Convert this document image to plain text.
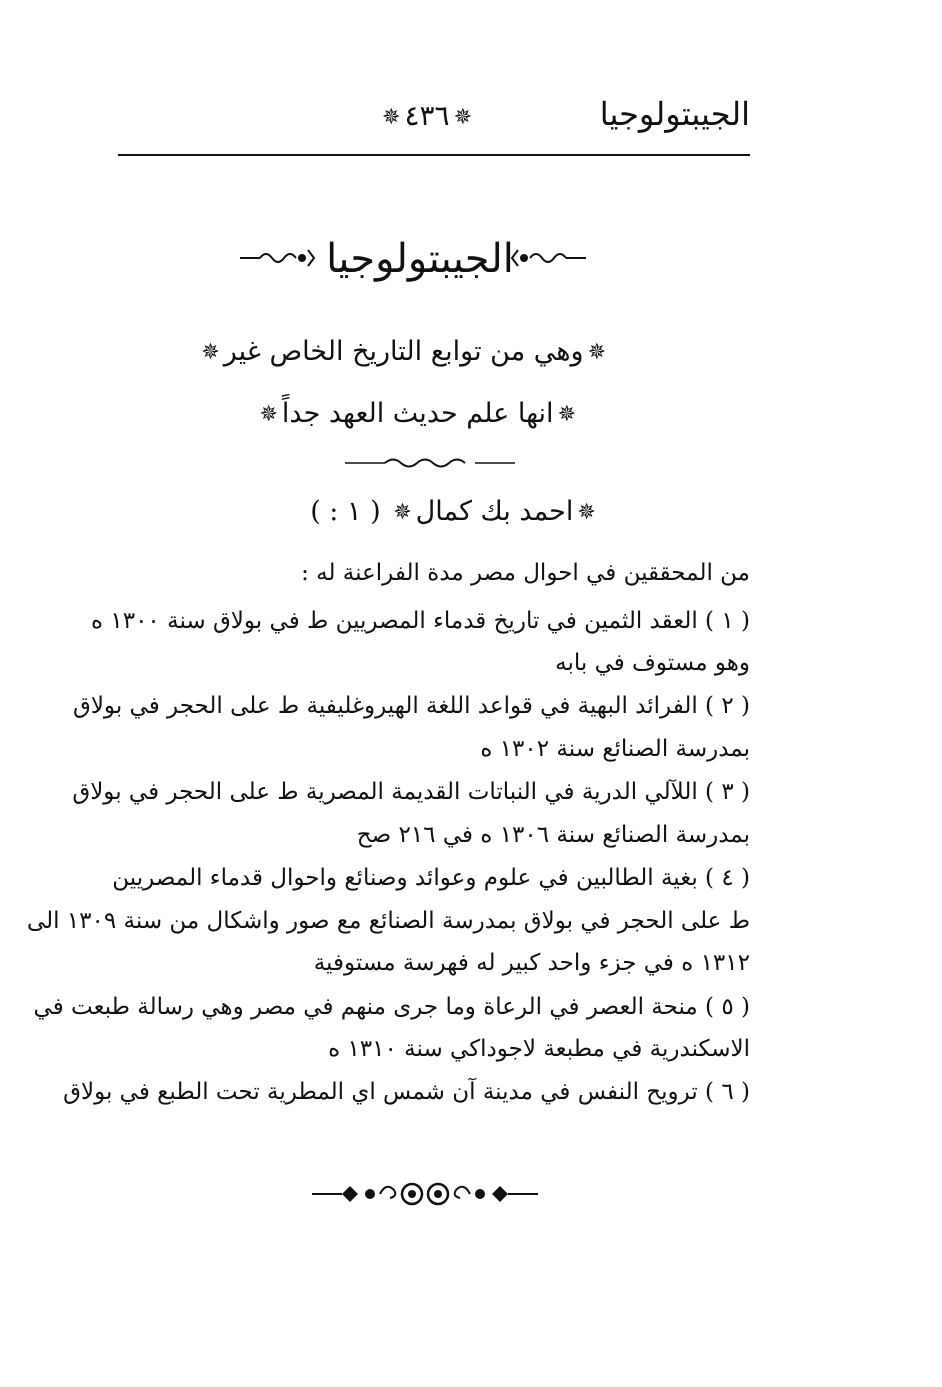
الجيبتولوجيا
✵ ٤٣٦ ✵
الجيبتولوجيا
✵وهي من توابع التاريخ الخاص غير✵
✵انها علم حديث العهد جداً✵
✵احمد بك كمال✵ ( ١ : )
من المحققين في احوال مصر مدة الفراعنة له :
( ١ ) العقد الثمين في تاريخ قدماء المصريين ط في بولاق سنة ١٣٠٠ ه
وهو مستوف في بابه
( ٢ ) الفرائد البهية في قواعد اللغة الهيروغليفية ط على الحجر في بولاق
بمدرسة الصنائع سنة ١٣٠٢ ه
( ٣ ) اللآلي الدرية في النباتات القديمة المصرية ط على الحجر في بولاق
بمدرسة الصنائع سنة ١٣٠٦ ه في ٢١٦ صح
( ٤ ) بغية الطالبين في علوم وعوائد وصنائع واحوال قدماء المصريين
ط على الحجر في بولاق بمدرسة الصنائع مع صور واشكال من سنة ١٣٠٩ الى
١٣١٢ ه في جزء واحد كبير له فهرسة مستوفية
( ٥ ) منحة العصر في الرعاة وما جرى منهم في مصر وهي رسالة طبعت في
الاسكندرية في مطبعة لاجوداكي سنة ١٣١٠ ه
( ٦ ) ترويح النفس في مدينة آن شمس اي المطرية تحت الطبع في بولاق
